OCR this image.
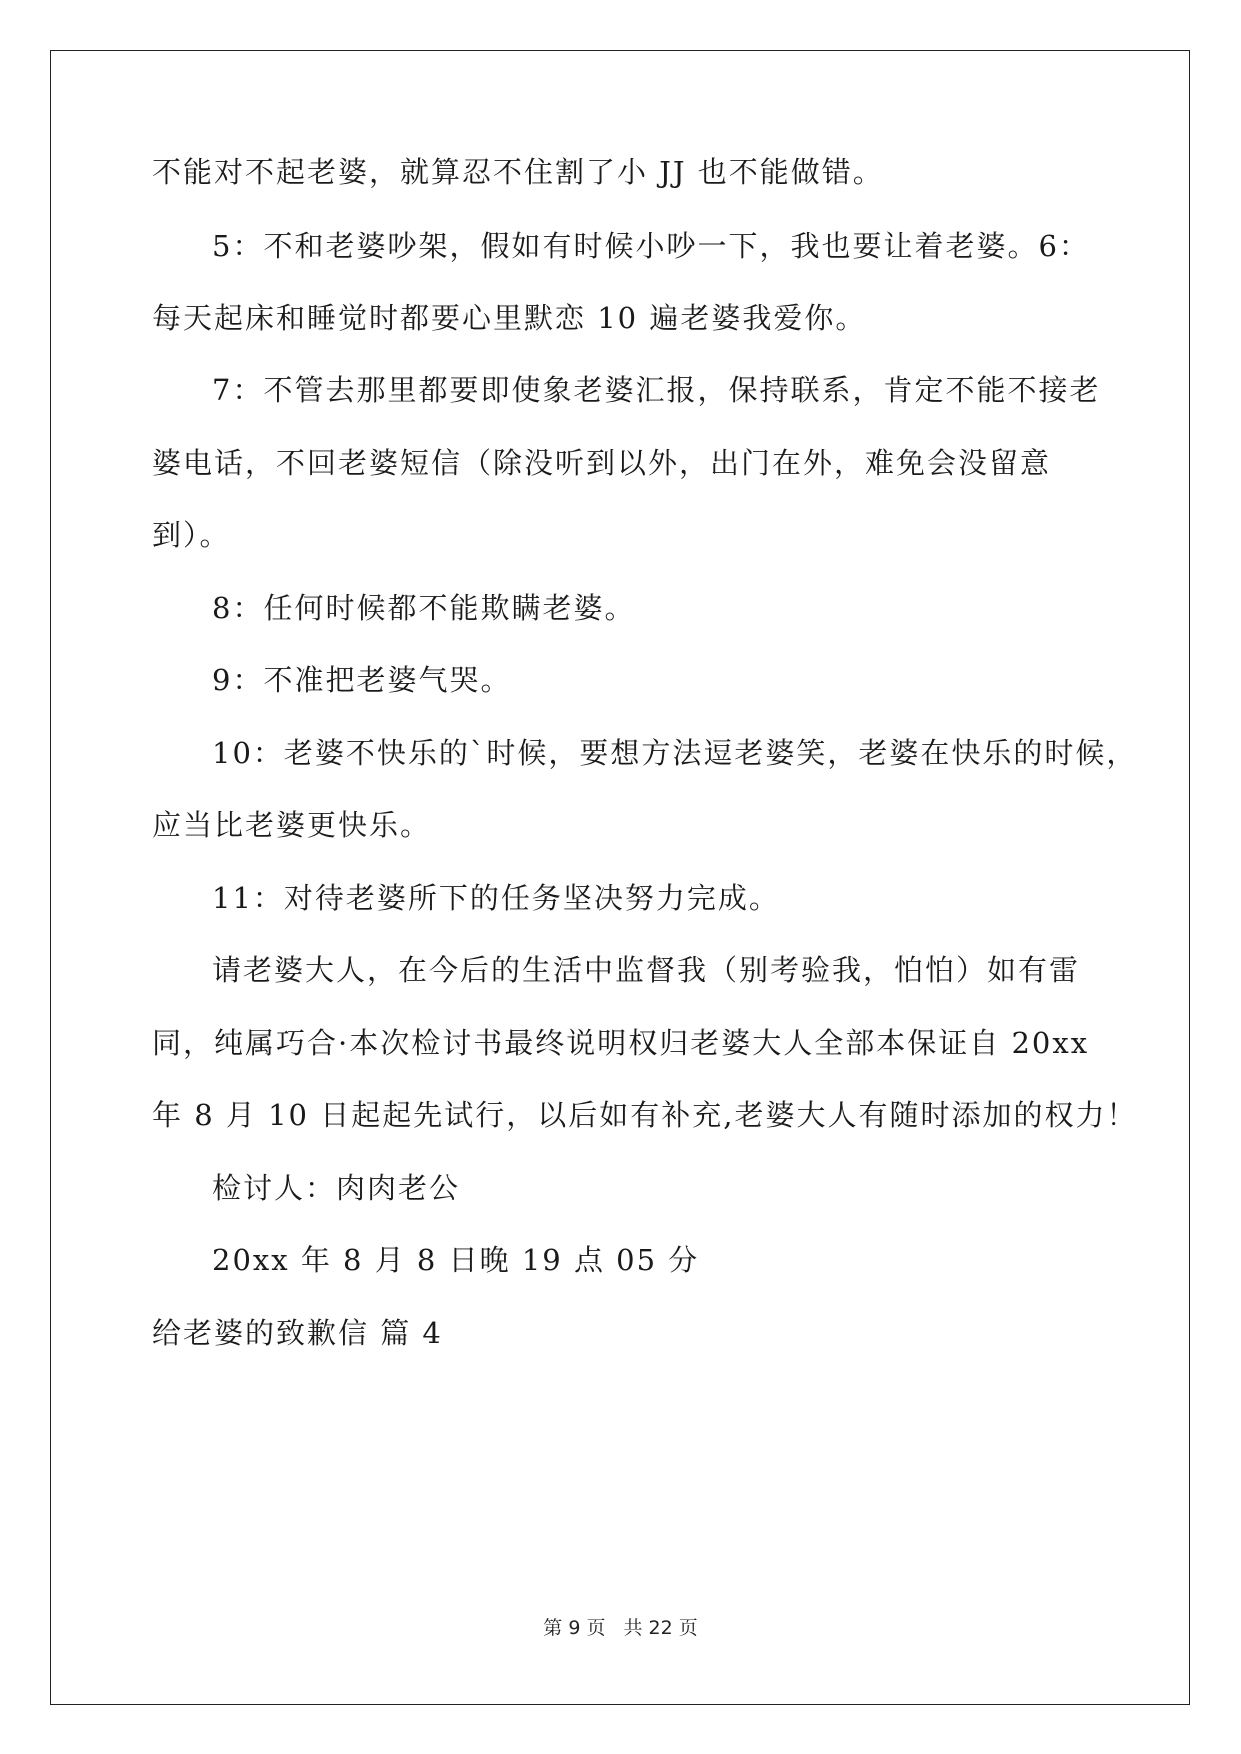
不能对不起老婆，就算忍不住割了小 JJ 也不能做错。
5：不和老婆吵架，假如有时候小吵一下，我也要让着老婆。6：
每天起床和睡觉时都要心里默恋 10 遍老婆我爱你。
7：不管去那里都要即使象老婆汇报，保持联系，肯定不能不接老
婆电话，不回老婆短信（除没听到以外，出门在外，难免会没留意
到）。
8：任何时候都不能欺瞒老婆。
9：不准把老婆气哭。
10：老婆不快乐的`时候，要想方法逗老婆笑，老婆在快乐的时候，
应当比老婆更快乐。
11：对待老婆所下的任务坚决努力完成。
请老婆大人，在今后的生活中监督我（别考验我，怕怕）如有雷
同，纯属巧合·本次检讨书最终说明权归老婆大人全部本保证自 20xx
年 8 月 10 日起起先试行，以后如有补充,老婆大人有随时添加的权力！
检讨人：肉肉老公
20xx 年 8 月 8 日晚 19 点 05 分
给老婆的致歉信 篇 4
第 9 页 共 22 页
